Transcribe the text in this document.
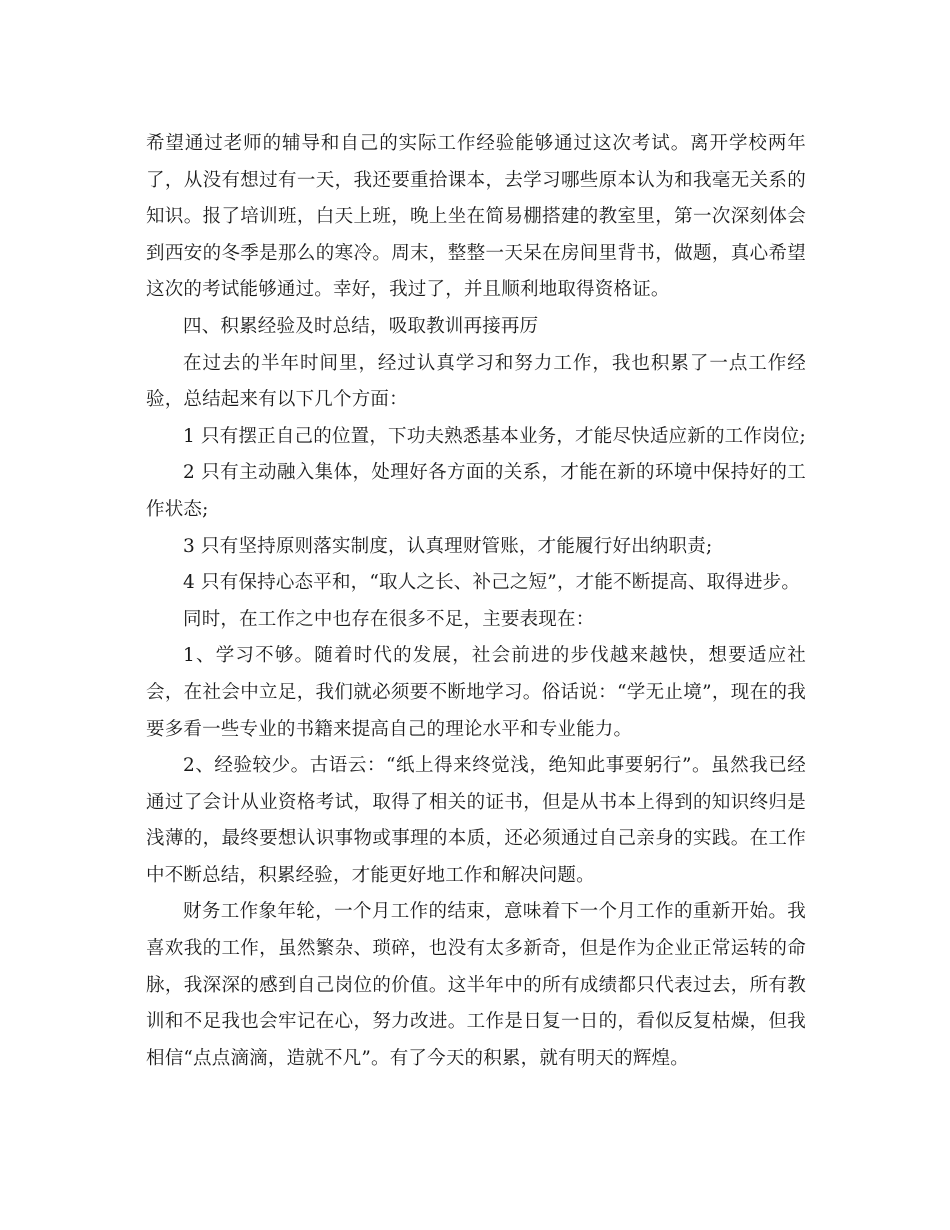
希望通过老师的辅导和自己的实际工作经验能够通过这次考试。离开学校两年了，从没有想过有一天，我还要重拾课本，去学习哪些原本认为和我毫无关系的知识。报了培训班，白天上班，晚上坐在简易棚搭建的教室里，第一次深刻体会到西安的冬季是那么的寒冷。周末，整整一天呆在房间里背书，做题，真心希望这次的考试能够通过。幸好，我过了，并且顺利地取得资格证。

四、积累经验及时总结，吸取教训再接再厉

在过去的半年时间里，经过认真学习和努力工作，我也积累了一点工作经验，总结起来有以下几个方面：

1 只有摆正自己的位置，下功夫熟悉基本业务，才能尽快适应新的工作岗位;

2 只有主动融入集体，处理好各方面的关系，才能在新的环境中保持好的工作状态;

3 只有坚持原则落实制度，认真理财管账，才能履行好出纳职责;

4 只有保持心态平和，“取人之长、补己之短”，才能不断提高、取得进步。

同时，在工作之中也存在很多不足，主要表现在：

1、学习不够。随着时代的发展，社会前进的步伐越来越快，想要适应社会，在社会中立足，我们就必须要不断地学习。俗话说：“学无止境”，现在的我要多看一些专业的书籍来提高自己的理论水平和专业能力。

2、经验较少。古语云：“纸上得来终觉浅，绝知此事要躬行”。虽然我已经通过了会计从业资格考试，取得了相关的证书，但是从书本上得到的知识终归是浅薄的，最终要想认识事物或事理的本质，还必须通过自己亲身的实践。在工作中不断总结，积累经验，才能更好地工作和解决问题。

财务工作象年轮，一个月工作的结束，意味着下一个月工作的重新开始。我喜欢我的工作，虽然繁杂、琐碎，也没有太多新奇，但是作为企业正常运转的命脉，我深深的感到自己岗位的价值。这半年中的所有成绩都只代表过去，所有教训和不足我也会牢记在心，努力改进。工作是日复一日的，看似反复枯燥，但我相信“点点滴滴，造就不凡”。有了今天的积累，就有明天的辉煌。
